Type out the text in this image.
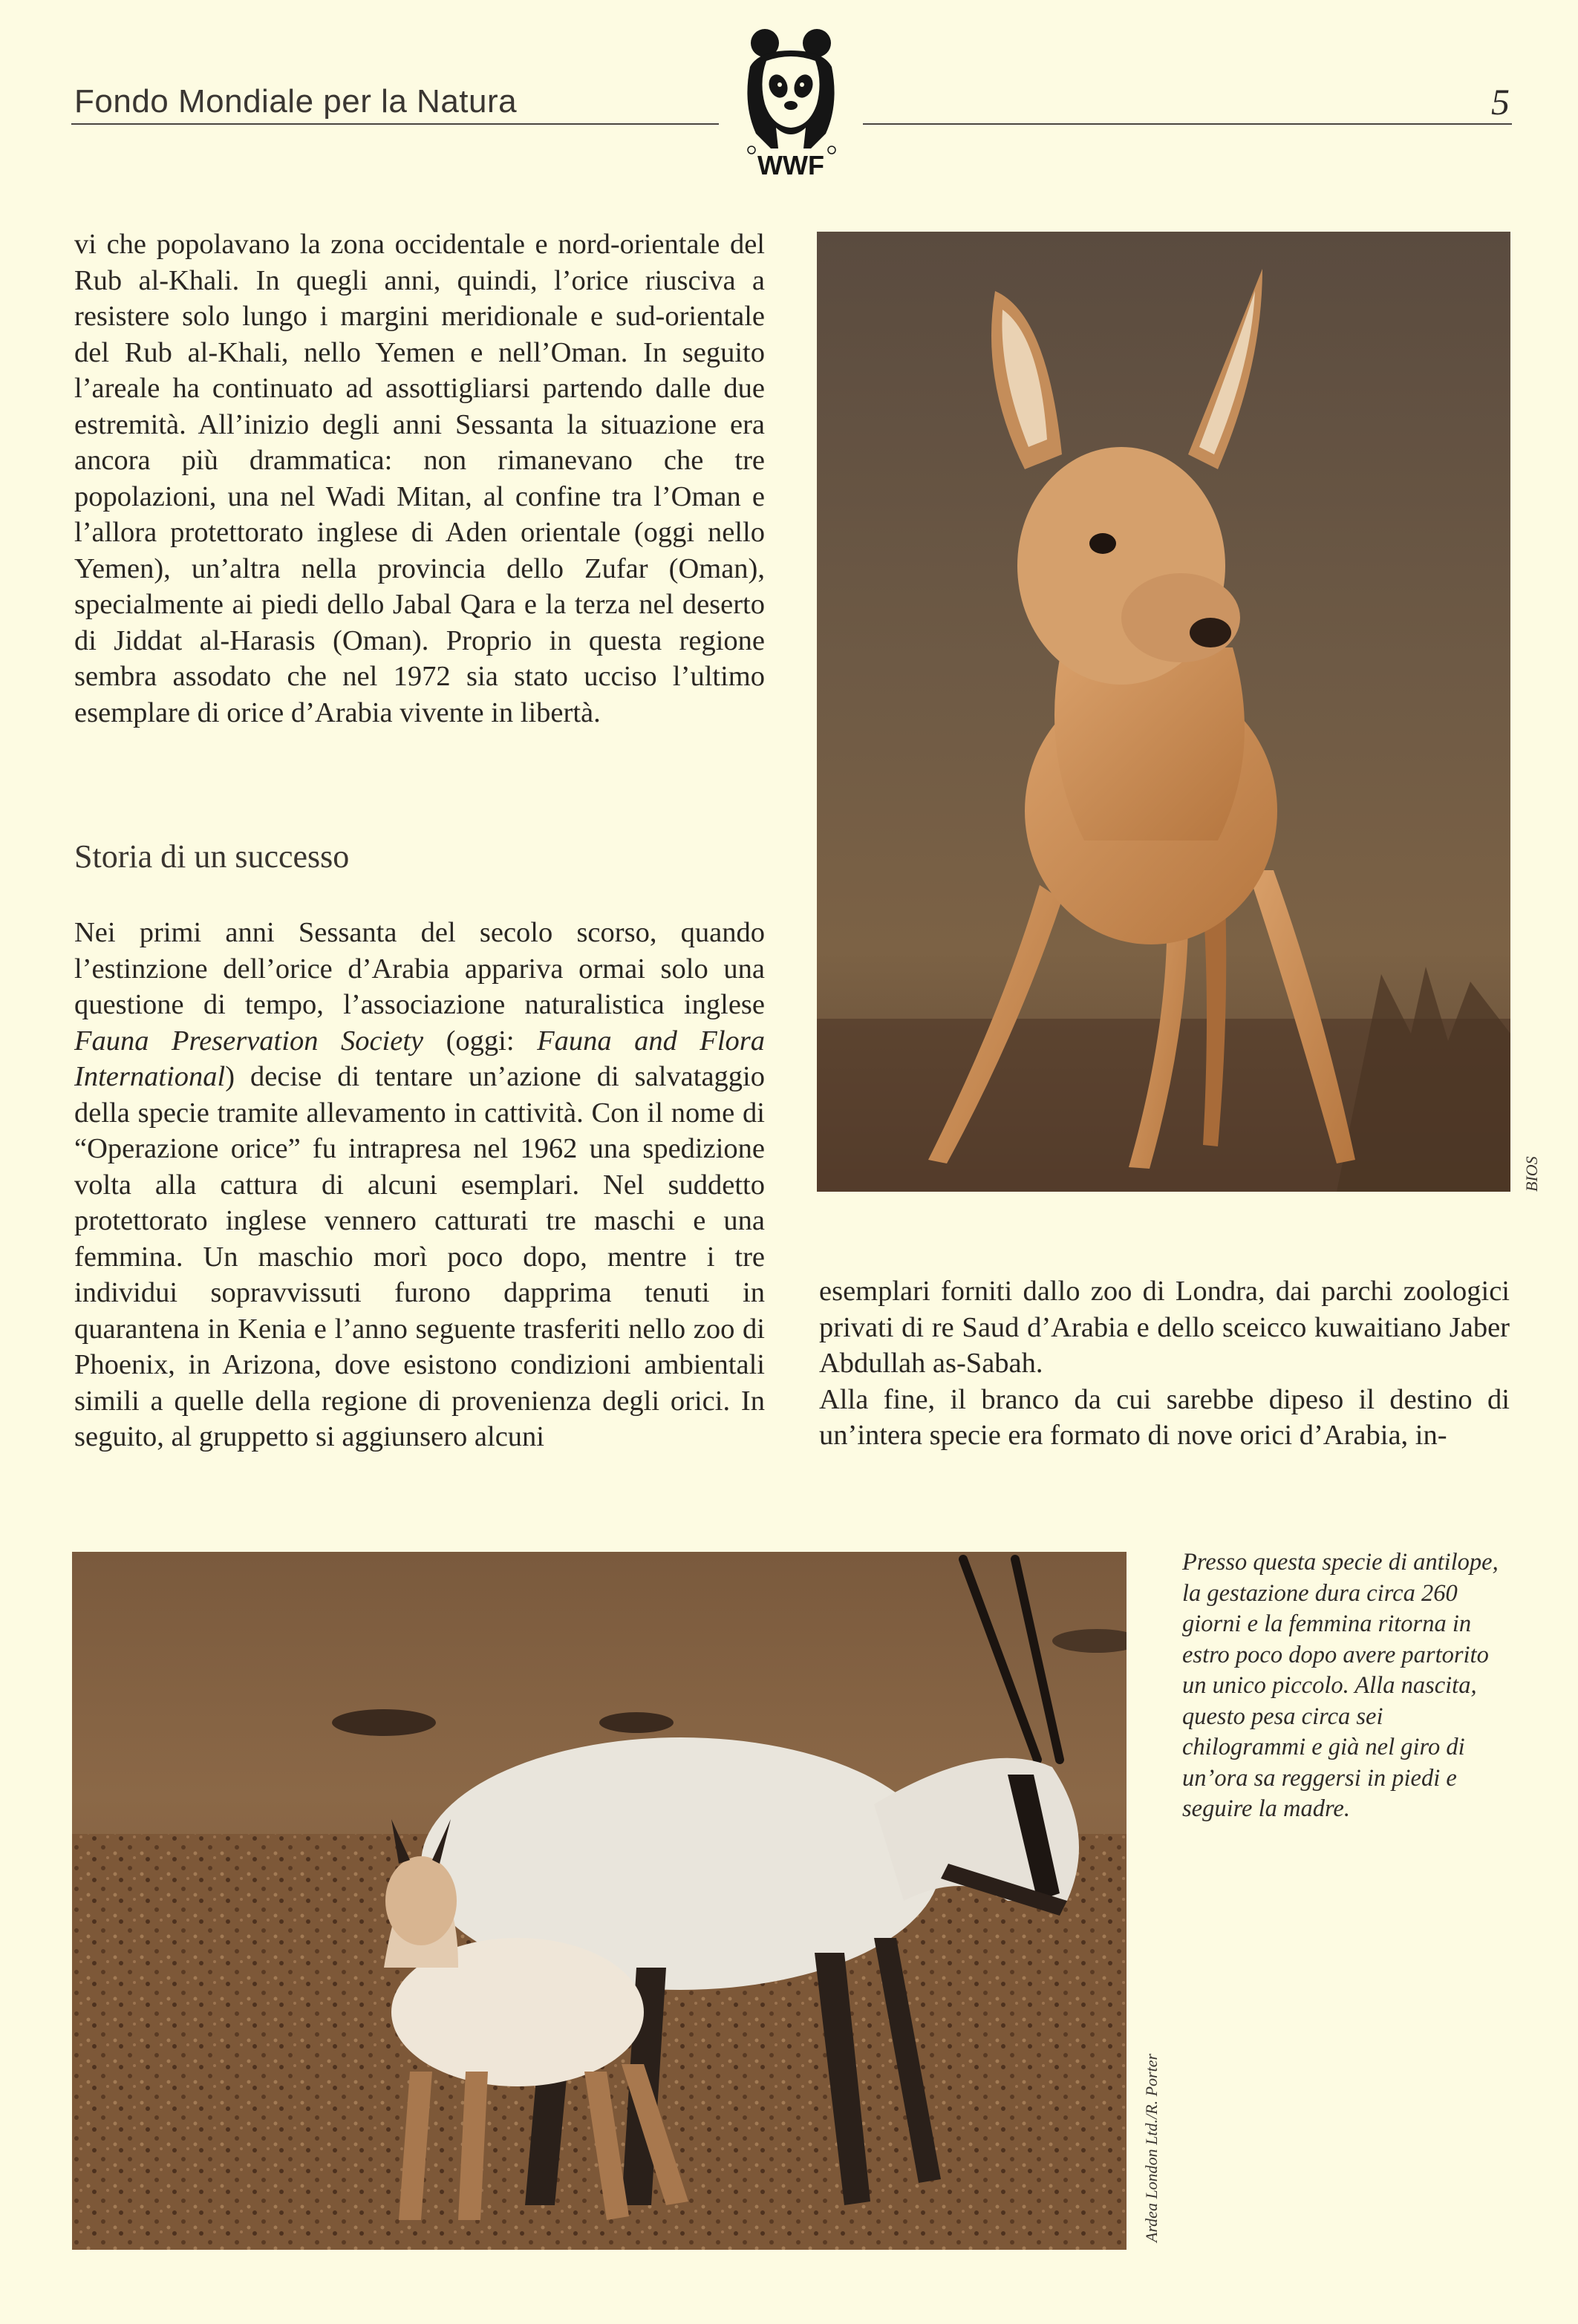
Fondo Mondiale per la Natura	5
WWF

vi che popolavano la zona occidentale e nord-orientale del Rub al-Khali. In quegli anni, quindi, l’orice riusciva a resistere solo lungo i margini meridionale e sud-orientale del Rub al-Khali, nello Yemen e nell’Oman. In seguito l’areale ha continuato ad assottigliarsi partendo dalle due estremità. All’inizio degli anni Sessanta la situazione era ancora più drammatica: non rimanevano che tre popolazioni, una nel Wadi Mitan, al confine tra l’Oman e l’allora protettorato inglese di Aden orientale (oggi nello Yemen), un’altra nella provincia dello Zufar (Oman), specialmente ai piedi dello Jabal Qara e la terza nel deserto di Jiddat al-Harasis (Oman). Proprio in questa regione sembra assodato che nel 1972 sia stato ucciso l’ultimo esemplare di orice d’Arabia vivente in libertà.

Storia di un successo

Nei primi anni Sessanta del secolo scorso, quando l’estinzione dell’orice d’Arabia appariva ormai solo una questione di tempo, l’associazione naturalistica inglese Fauna Preservation Society (oggi: Fauna and Flora International) decise di tentare un’azione di salvataggio della specie tramite allevamento in cattività. Con il nome di “Operazione orice” fu intrapresa nel 1962 una spedizione volta alla cattura di alcuni esemplari. Nel suddetto protettorato inglese vennero catturati tre maschi e una femmina. Un maschio morì poco dopo, mentre i tre individui sopravvissuti furono dapprima tenuti in quarantena in Kenia e l’anno seguente trasferiti nello zoo di Phoenix, in Arizona, dove esistono condizioni ambientali simili a quelle della regione di provenienza degli orici. In seguito, al gruppetto si aggiunsero alcuni

BIOS

esemplari forniti dallo zoo di Londra, dai parchi zoologici privati di re Saud d’Arabia e dello sceicco kuwaitiano Jaber Abdullah as-Sabah.

Alla fine, il branco da cui sarebbe dipeso il destino di un’intera specie era formato di nove orici d’Arabia, in-

Ardea London Ltd./R. Porter
Presso questa specie di antilope, la gestazione dura circa 260 giorni e la femmina ritorna in estro poco dopo avere partorito un unico piccolo. Alla nascita, questo pesa circa sei chilogrammi e già nel giro di un’ora sa reggersi in piedi e seguire la madre.
